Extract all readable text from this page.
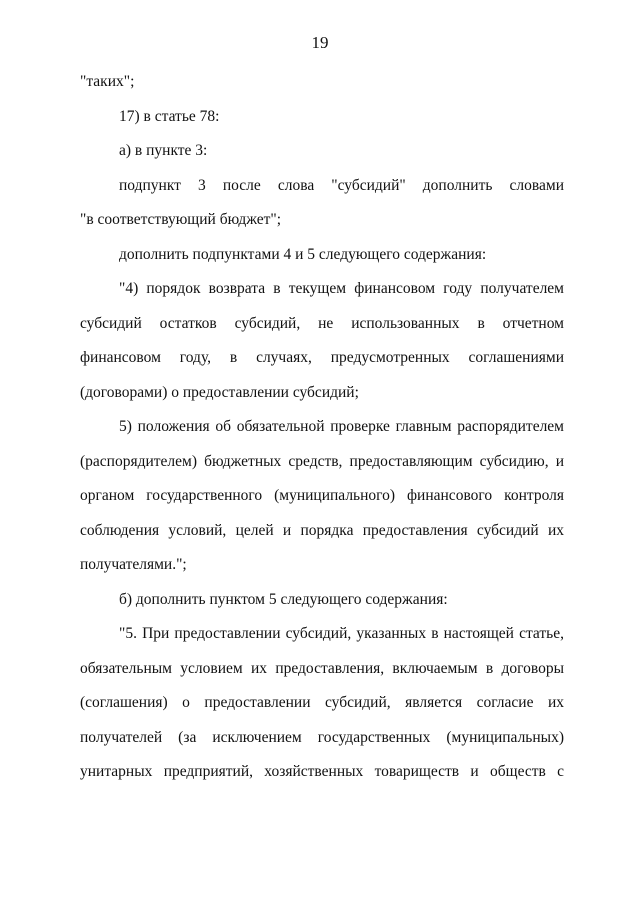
19
"таких";
17) в статье 78:
а) в пункте 3:
подпункт 3 после слова "субсидий" дополнить словами
"в соответствующий бюджет";
дополнить подпунктами 4 и 5 следующего содержания:
"4) порядок возврата в текущем финансовом году получателем
субсидий остатков субсидий, не использованных в отчетном
финансовом году, в случаях, предусмотренных соглашениями
(договорами) о предоставлении субсидий;
5) положения об обязательной проверке главным распорядителем
(распорядителем) бюджетных средств, предоставляющим субсидию, и
органом государственного (муниципального) финансового контроля
соблюдения условий, целей и порядка предоставления субсидий их
получателями.";
б) дополнить пунктом 5 следующего содержания:
"5. При предоставлении субсидий, указанных в настоящей статье,
обязательным условием их предоставления, включаемым в договоры
(соглашения) о предоставлении субсидий, является согласие их
получателей (за исключением государственных (муниципальных)
унитарных предприятий, хозяйственных товариществ и обществ с
